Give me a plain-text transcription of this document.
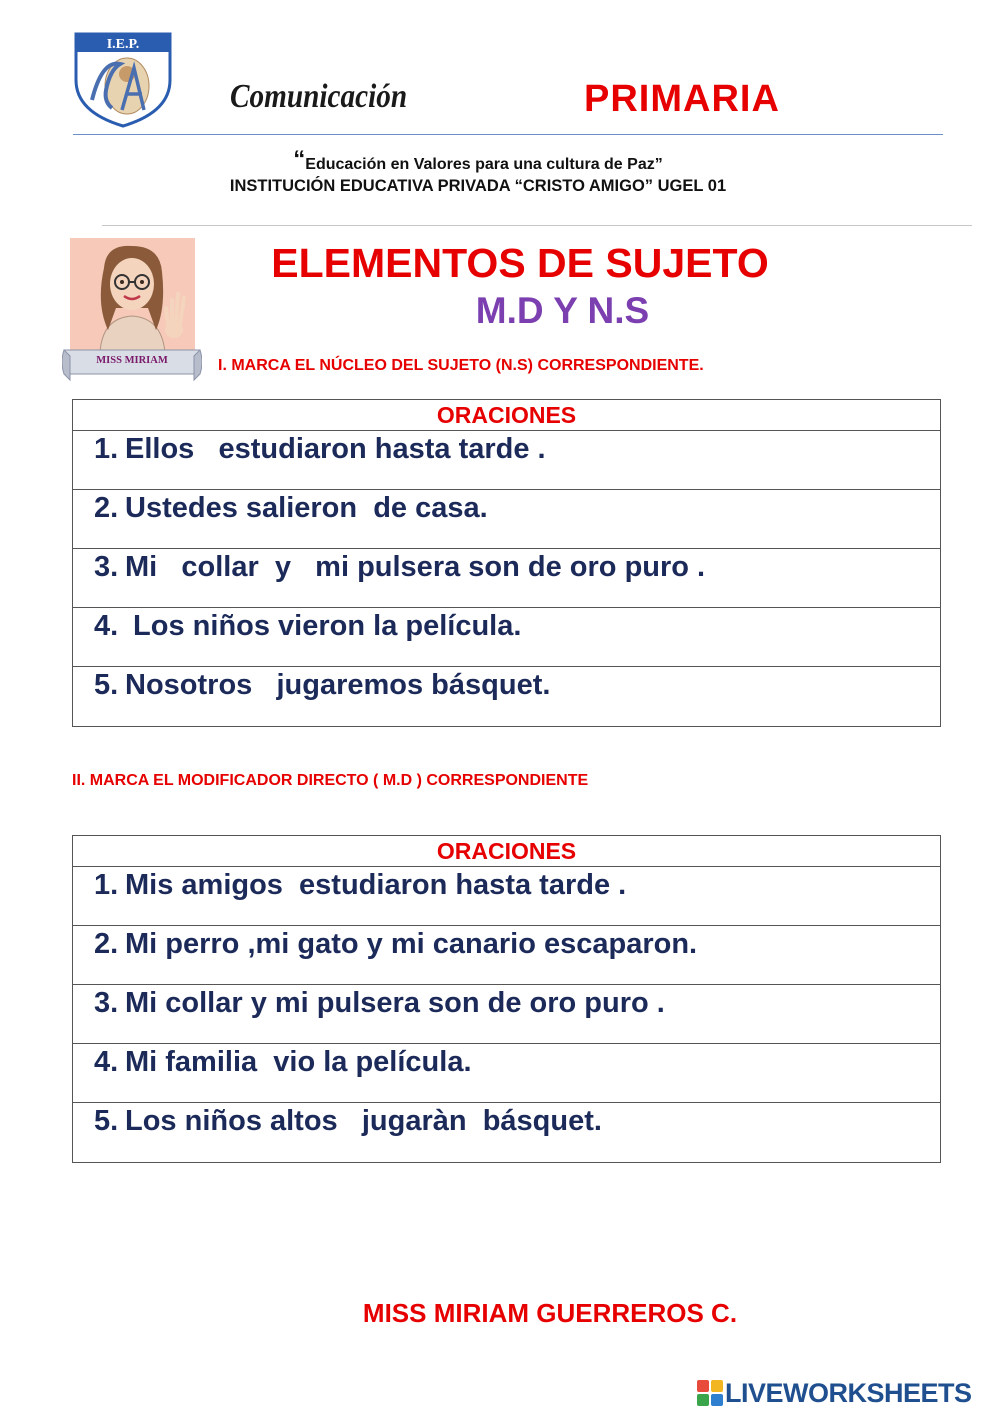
I.E.P.
Comunicación	PRIMARIA
“Educación en Valores para una cultura de Paz”
INSTITUCIÓN EDUCATIVA PRIVADA “CRISTO AMIGO” UGEL 01
MISS MIRIAM
ELEMENTOS DE SUJETO
M.D Y N.S
I. MARCA EL NÚCLEO DEL SUJETO (N.S) CORRESPONDIENTE.
ORACIONES
1. Ellos   estudiaron hasta tarde .
2. Ustedes salieron  de casa.
3. Mi   collar  y   mi pulsera son de oro puro .
4. Los niños vieron la película.
5. Nosotros   jugaremos básquet.
II. MARCA EL MODIFICADOR DIRECTO ( M.D ) CORRESPONDIENTE
ORACIONES
1. Mis amigos  estudiaron hasta tarde .
2. Mi perro ,mi gato y mi canario escaparon.
3. Mi collar y mi pulsera son de oro puro .
4. Mi familia  vio la película.
5. Los niños altos   jugaràn  básquet.
MISS MIRIAM GUERREROS C.
LIVEWORKSHEETS
